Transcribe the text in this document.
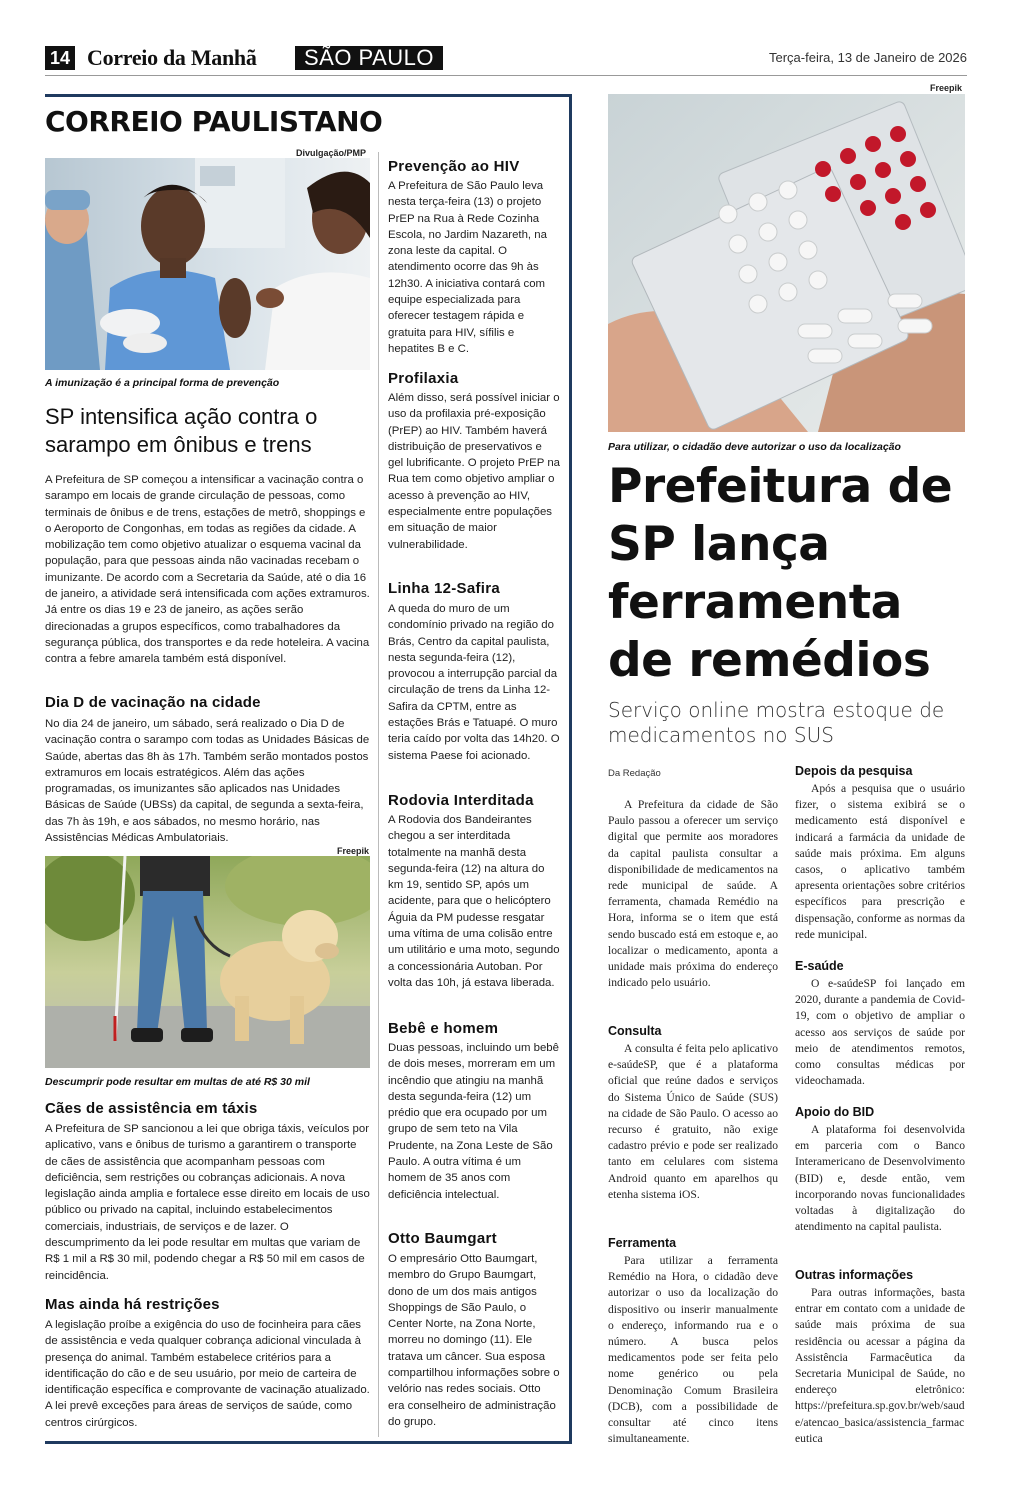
14 Correio da Manhã	SÃO PAULO	Terça-feira, 13 de Janeiro de 2026
CORREIO PAULISTANO
Divulgação/PMP
A imunização é a principal forma de prevenção
SP intensifica ação contra o sarampo em ônibus e trens
A Prefeitura de SP começou a intensificar a vacinação contra o sarampo em locais de grande circulação de pessoas, como terminais de ônibus e de trens, estações de metrô, shoppings e o Aeroporto de Congonhas, em todas as regiões da cidade. A mobilização tem como objetivo atualizar o esquema vacinal da população, para que pessoas ainda não vacinadas recebam o imunizante. De acordo com a Secretaria da Saúde, até o dia 16 de janeiro, a atividade será intensificada com ações extramuros. Já entre os dias 19 e 23 de janeiro, as ações serão direcionadas a grupos específicos, como trabalhadores da segurança pública, dos transportes e da rede hoteleira. A vacina contra a febre amarela também está disponível.
Dia D de vacinação na cidade
No dia 24 de janeiro, um sábado, será realizado o Dia D de vacinação contra o sarampo com todas as Unidades Básicas de Saúde, abertas das 8h às 17h. Também serão montados postos extramuros em locais estratégicos. Além das ações programadas, os imunizantes são aplicados nas Unidades Básicas de Saúde (UBSs) da capital, de segunda a sexta-feira, das 7h às 19h, e aos sábados, no mesmo horário, nas Assistências Médicas Ambulatoriais.
Freepik
Descumprir pode resultar em multas de até R$ 30 mil
Cães de assistência em táxis
A Prefeitura de SP sancionou a lei que obriga táxis, veículos por aplicativo, vans e ônibus de turismo a garantirem o transporte de cães de assistência que acompanham pessoas com deficiência, sem restrições ou cobranças adicionais. A nova legislação ainda amplia e fortalece esse direito em locais de uso público ou privado na capital, incluindo estabelecimentos comerciais, industriais, de serviços e de lazer. O descumprimento da lei pode resultar em multas que variam de R$ 1 mil a R$ 30 mil, podendo chegar a R$ 50 mil em casos de reincidência.
Mas ainda há restrições
A legislação proíbe a exigência do uso de focinheira para cães de assistência e veda qualquer cobrança adicional vinculada à presença do animal. Também estabelece critérios para a identificação do cão e de seu usuário, por meio de carteira de identificação específica e comprovante de vacinação atualizado. A lei prevê exceções para áreas de serviços de saúde, como centros cirúrgicos.
Prevenção ao HIV
A Prefeitura de São Paulo leva nesta terça-feira (13) o projeto PrEP na Rua à Rede Cozinha Escola, no Jardim Nazareth, na zona leste da capital. O atendimento ocorre das 9h às 12h30. A iniciativa contará com equipe especializada para oferecer testagem rápida e gratuita para HIV, sífilis e hepatites B e C.
Profilaxia
Além disso, será possível iniciar o uso da profilaxia pré-exposição (PrEP) ao HIV. Também haverá distribuição de preservativos e gel lubrificante. O projeto PrEP na Rua tem como objetivo ampliar o acesso à prevenção ao HIV, especialmente entre populações em situação de maior vulnerabilidade.
Linha 12-Safira
A queda do muro de um condomínio privado na região do Brás, Centro da capital paulista, nesta segunda-feira (12), provocou a interrupção parcial da circulação de trens da Linha 12-Safira da CPTM, entre as estações Brás e Tatuapé. O muro teria caído por volta das 14h20. O sistema Paese foi acionado.
Rodovia Interditada
A Rodovia dos Bandeirantes chegou a ser interditada totalmente na manhã desta segunda-feira (12) na altura do km 19, sentido SP, após um acidente, para que o helicóptero Águia da PM pudesse resgatar uma vítima de uma colisão entre um utilitário e uma moto, segundo a concessionária Autoban. Por volta das 10h, já estava liberada.
Bebê e homem
Duas pessoas, incluindo um bebê de dois meses, morreram em um incêndio que atingiu na manhã desta segunda-feira (12) um prédio que era ocupado por um grupo de sem teto na Vila Prudente, na Zona Leste de São Paulo. A outra vítima é um homem de 35 anos com deficiência intelectual.
Otto Baumgart
O empresário Otto Baumgart, membro do Grupo Baumgart, dono de um dos mais antigos Shoppings de São Paulo, o Center Norte, na Zona Norte, morreu no domingo (11). Ele tratava um câncer. Sua esposa compartilhou informações sobre o velório nas redes sociais. Otto era conselheiro de administração do grupo.
Freepik
Para utilizar, o cidadão deve autorizar o uso da localização
Prefeitura de SP lança ferramenta de remédios
Serviço online mostra estoque de medicamentos no SUS
Da Redação
A Prefeitura da cidade de São Paulo passou a oferecer um serviço digital que permite aos moradores da capital paulista consultar a disponibilidade de medicamentos na rede municipal de saúde. A ferramenta, chamada Remédio na Hora, informa se o item que está sendo buscado está em estoque e, ao localizar o medicamento, aponta a unidade mais próxima do endereço indicado pelo usuário.
Consulta
A consulta é feita pelo aplicativo e-saúdeSP, que é a plataforma oficial que reúne dados e serviços do Sistema Único de Saúde (SUS) na cidade de São Paulo. O acesso ao recurso é gratuito, não exige cadastro prévio e pode ser realizado tanto em celulares com sistema Android quanto em aparelhos qu etenha sistema iOS.
Ferramenta
Para utilizar a ferramenta Remédio na Hora, o cidadão deve autorizar o uso da localização do dispositivo ou inserir manualmente o endereço, informando rua e o número. A busca pelos medicamentos pode ser feita pelo nome genérico ou pela Denominação Comum Brasileira (DCB), com a possibilidade de consultar até cinco itens simultaneamente.
Depois da pesquisa
Após a pesquisa que o usuário fizer, o sistema exibirá se o medicamento está disponível e indicará a farmácia da unidade de saúde mais próxima. Em alguns casos, o aplicativo também apresenta orientações sobre critérios específicos para prescrição e dispensação, conforme as normas da rede municipal.
E-saúde
O e-saúdeSP foi lançado em 2020, durante a pandemia de Covid-19, com o objetivo de ampliar o acesso aos serviços de saúde por meio de atendimentos remotos, como consultas médicas por videochamada.
Apoio do BID
A plataforma foi desenvolvida em parceria com o Banco Interamericano de Desenvolvimento (BID) e, desde então, vem incorporando novas funcionalidades voltadas à digitalização do atendimento na capital paulista.
Outras informações
Para outras informações, basta entrar em contato com a unidade de saúde mais próxima de sua residência ou acessar a página da Assistência Farmacêutica da Secretaria Municipal de Saúde, no endereço eletrônico: https://prefeitura.sp.gov.br/web/saude/atencao_basica/assistencia_farmaceutica
